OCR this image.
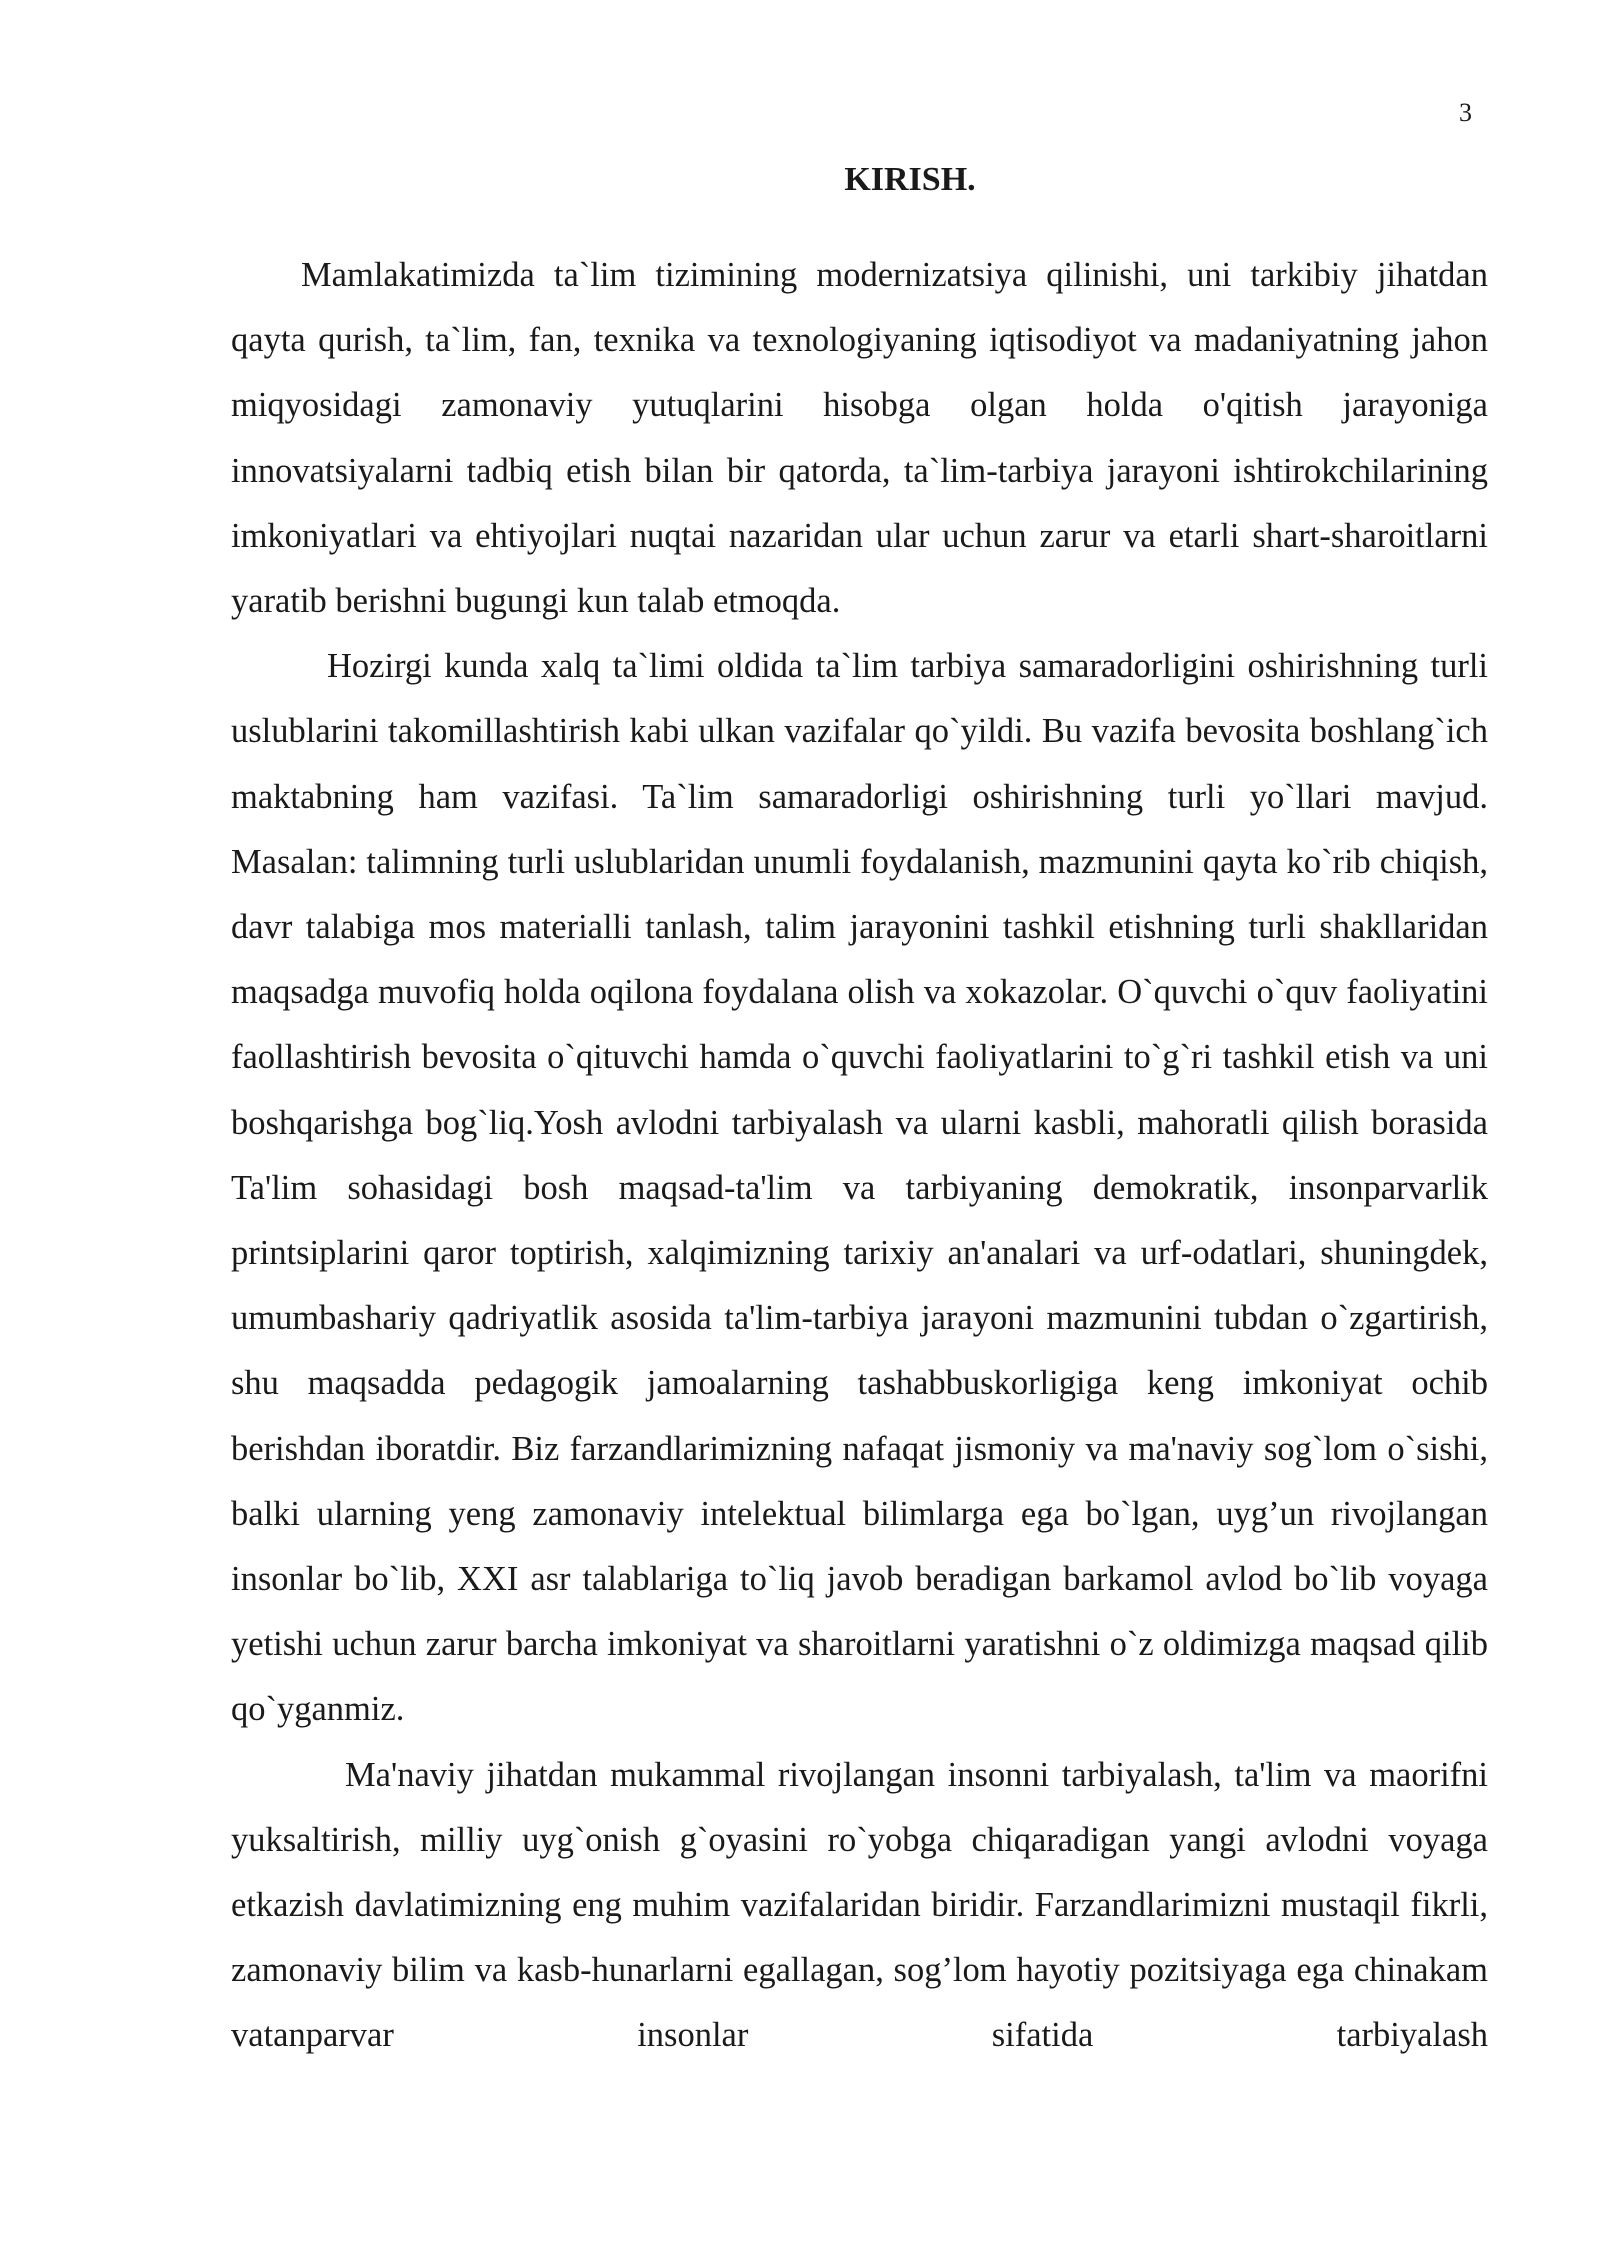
3
KIRISH.

Mamlakatimizda ta`lim tizimining modernizatsiya qilinishi, uni tarkibiy jihatdan qayta qurish, ta`lim, fan, texnika va texnologiyaning iqtisodiyot va madaniyatning jahon miqyosidagi zamonaviy yutuqlarini hisobga olgan holda o'qitish jarayoniga innovatsiyalarni tadbiq etish bilan bir qatorda, ta`lim-tarbiya jarayoni ishtirokchilarining imkoniyatlari va ehtiyojlari nuqtai nazaridan ular uchun zarur va etarli shart-sharoitlarni yaratib berishni bugungi kun talab etmoqda.

Hozirgi kunda xalq ta`limi oldida ta`lim tarbiya samaradorligini oshirishning turli uslublarini takomillashtirish kabi ulkan vazifalar qo`yildi. Bu vazifa bevosita boshlang`ich maktabning ham vazifasi. Ta`lim samaradorligi oshirishning turli yo`llari mavjud. Masalan: talimning turli uslublaridan unumli foydalanish, mazmunini qayta ko`rib chiqish, davr talabiga mos materialli tanlash, talim jarayonini tashkil etishning turli shakllaridan maqsadga muvofiq holda oqilona foydalana olish va xokazolar. O`quvchi o`quv faoliyatini faollashtirish bevosita o`qituvchi hamda o`quvchi faoliyatlarini to`g`ri tashkil etish va uni boshqarishga bog`liq.Yosh avlodni tarbiyalash va ularni kasbli, mahoratli qilish borasida Ta'lim sohasidagi bosh maqsad-ta'lim va tarbiyaning demokratik, insonparvarlik printsiplarini qaror toptirish, xalqimizning tarixiy an'analari va urf-odatlari, shuningdek, umumbashariy qadriyatlik asosida ta'lim-tarbiya jarayoni mazmunini tubdan o`zgartirish, shu maqsadda pedagogik jamoalarning tashabbuskorligiga keng imkoniyat ochib berishdan iboratdir. Biz farzandlarimizning nafaqat jismoniy va ma'naviy sog`lom o`sishi, balki ularning yeng zamonaviy intelektual bilimlarga ega bo`lgan, uyg’un rivojlangan insonlar bo`lib, XXI asr talablariga to`liq javob beradigan barkamol avlod bo`lib voyaga yetishi uchun zarur barcha imkoniyat va sharoitlarni yaratishni o`z oldimizga maqsad qilib qo`yganmiz.

Ma'naviy jihatdan mukammal rivojlangan insonni tarbiyalash, ta'lim va maorifni yuksaltirish, milliy uyg`onish g`oyasini ro`yobga chiqaradigan yangi avlodni voyaga etkazish davlatimizning eng muhim vazifalaridan biridir. Farzandlarimizni mustaqil fikrli, zamonaviy bilim va kasb-hunarlarni egallagan, sog’lom hayotiy pozitsiyaga ega chinakam vatanparvar insonlar sifatida tarbiyalash
